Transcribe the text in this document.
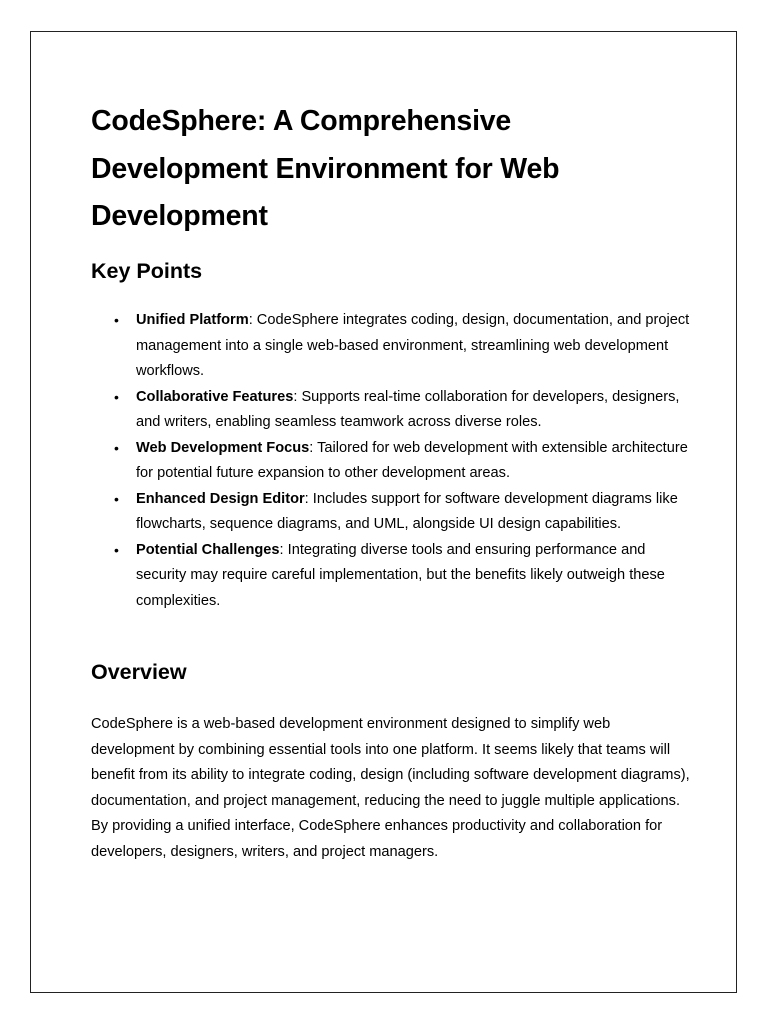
CodeSphere: A Comprehensive Development Environment for Web Development
Key Points
• Unified Platform: CodeSphere integrates coding, design, documentation, and project management into a single web-based environment, streamlining web development workflows.
• Collaborative Features: Supports real-time collaboration for developers, designers, and writers, enabling seamless teamwork across diverse roles.
• Web Development Focus: Tailored for web development with extensible architecture for potential future expansion to other development areas.
• Enhanced Design Editor: Includes support for software development diagrams like flowcharts, sequence diagrams, and UML, alongside UI design capabilities.
• Potential Challenges: Integrating diverse tools and ensuring performance and security may require careful implementation, but the benefits likely outweigh these complexities.
Overview

CodeSphere is a web-based development environment designed to simplify web development by combining essential tools into one platform. It seems likely that teams will benefit from its ability to integrate coding, design (including software development diagrams), documentation, and project management, reducing the need to juggle multiple applications. By providing a unified interface, CodeSphere enhances productivity and collaboration for developers, designers, writers, and project managers.
